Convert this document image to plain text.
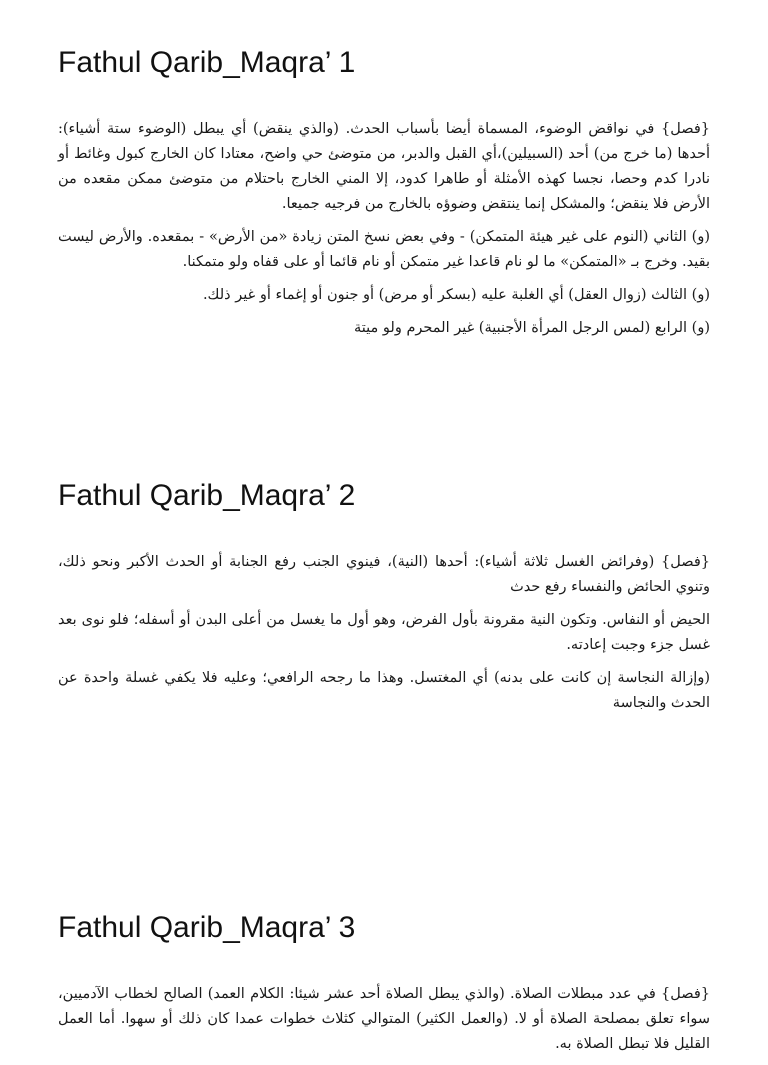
Fathul Qarib_Maqra’ 1

{فصل} في نواقض الوضوء، المسماة أيضا بأسباب الحدث. (والذي ينقض) أي يبطل (الوضوء ستة أشياء): أحدها (ما خرج من) أحد (السبيلين)،أي القبل والدبر، من متوضئ حي واضح، معتادا كان الخارج كبول وغائط أو نادرا كدم وحصا، نجسا كهذه الأمثلة أو طاهرا كدود، إلا المني الخارج باحتلام من متوضئ ممكن مقعده من الأرض فلا ينقض؛ والمشكل إنما ينتقض وضوؤه بالخارج من فرجيه جميعا.

(و) الثاني (النوم على غير هيئة المتمكن) - وفي بعض نسخ المتن زيادة «من الأرض» - بمقعده. والأرض ليست بقيد. وخرج بـ «المتمكن» ما لو نام قاعدا غير متمكن أو نام قائما أو على قفاه ولو متمكنا.

(و) الثالث (زوال العقل) أي الغلبة عليه (بسكر أو مرض) أو جنون أو إغماء أو غير ذلك.

(و) الرابع (لمس الرجل المرأة الأجنبية) غير المحرم ولو ميتة

Fathul Qarib_Maqra’ 2

{فصل} (وفرائض الغسل ثلاثة أشياء): أحدها (النية)، فينوي الجنب رفع الجنابة أو الحدث الأكبر ونحو ذلك، وتنوي الحائض والنفساء رفع حدث

الحيض أو النفاس. وتكون النية مقرونة بأول الفرض، وهو أول ما يغسل من أعلى البدن أو أسفله؛ فلو نوى بعد غسل جزء وجبت إعادته.

(وإزالة النجاسة إن كانت على بدنه) أي المغتسل. وهذا ما رجحه الرافعي؛ وعليه فلا يكفي غسلة واحدة عن الحدث والنجاسة

Fathul Qarib_Maqra’ 3

{فصل} في عدد مبطلات الصلاة. (والذي يبطل الصلاة أحد عشر شيئا: الكلام العمد) الصالح لخطاب الآدميين، سواء تعلق بمصلحة الصلاة أو لا. (والعمل الكثير) المتوالي كثلاث خطوات عمدا كان ذلك أو سهوا. أما العمل القليل فلا تبطل الصلاة به.
